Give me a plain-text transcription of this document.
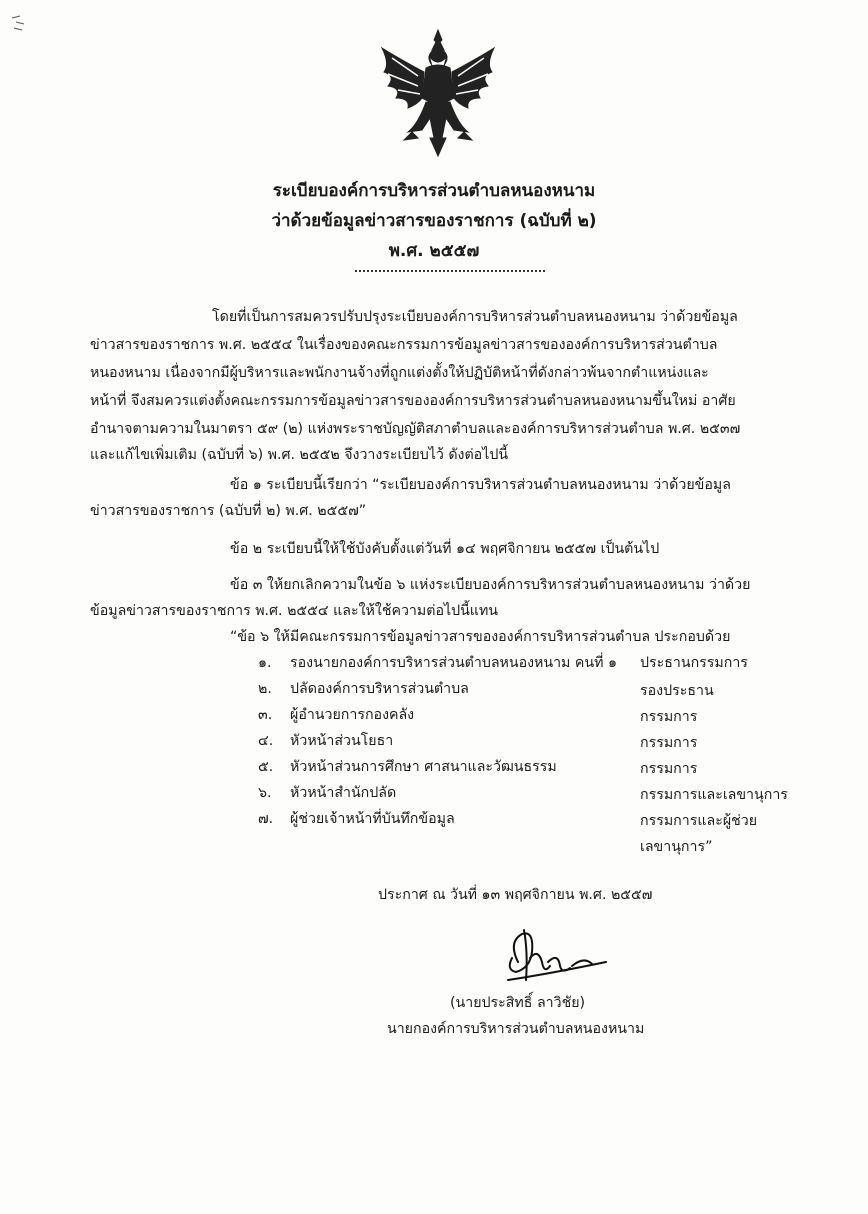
ระเบียบองค์การบริหารส่วนตำบลหนองหนาม
ว่าด้วยข้อมูลข่าวสารของราชการ (ฉบับที่ ๒)
พ.ศ. ๒๕๕๗
โดยที่เป็นการสมควรปรับปรุงระเบียบองค์การบริหารส่วนตำบลหนองหนาม ว่าด้วยข้อมูล
ข่าวสารของราชการ พ.ศ. ๒๕๕๔ ในเรื่องของคณะกรรมการข้อมูลข่าวสารขององค์การบริหารส่วนตำบล
หนองหนาม เนื่องจากมีผู้บริหารและพนักงานจ้างที่ถูกแต่งตั้งให้ปฏิบัติหน้าที่ดังกล่าวพ้นจากตำแหน่งและ
หน้าที่ จึงสมควรแต่งตั้งคณะกรรมการข้อมูลข่าวสารขององค์การบริหารส่วนตำบลหนองหนามขึ้นใหม่ อาศัย
อำนาจตามความในมาตรา ๕๙ (๒) แห่งพระราชบัญญัติสภาตำบลและองค์การบริหารส่วนตำบล พ.ศ. ๒๕๓๗
และแก้ไขเพิ่มเติม (ฉบับที่ ๖) พ.ศ. ๒๕๕๒ จึงวางระเบียบไว้ ดังต่อไปนี้
ข้อ ๑ ระเบียบนี้เรียกว่า “ระเบียบองค์การบริหารส่วนตำบลหนองหนาม ว่าด้วยข้อมูล
ข่าวสารของราชการ (ฉบับที่ ๒) พ.ศ. ๒๕๕๗”
ข้อ ๒ ระเบียบนี้ให้ใช้บังคับตั้งแต่วันที่ ๑๔ พฤศจิกายน ๒๕๕๗ เป็นต้นไป
ข้อ ๓ ให้ยกเลิกความในข้อ ๖ แห่งระเบียบองค์การบริหารส่วนตำบลหนองหนาม ว่าด้วย
ข้อมูลข่าวสารของราชการ พ.ศ. ๒๕๕๔ และให้ใช้ความต่อไปนี้แทน
“ข้อ ๖ ให้มีคณะกรรมการข้อมูลข่าวสารขององค์การบริหารส่วนตำบล ประกอบด้วย
๑. รองนายกองค์การบริหารส่วนตำบลหนองหนาม คนที่ ๑ ประธานกรรมการ
๒. ปลัดองค์การบริหารส่วนตำบล	รองประธาน
๓. ผู้อำนวยการกองคลัง	กรรมการ
๔. หัวหน้าส่วนโยธา	กรรมการ
๕. หัวหน้าส่วนการศึกษา ศาสนาและวัฒนธรรม	กรรมการ
๖. หัวหน้าสำนักปลัด	กรรมการและเลขานุการ
๗. ผู้ช่วยเจ้าหน้าที่บันทึกข้อมูล	กรรมการและผู้ช่วย
เลขานุการ”
ประกาศ ณ วันที่ ๑๓ พฤศจิกายน พ.ศ. ๒๕๕๗
(นายประสิทธิ์ ลาวิชัย)
นายกองค์การบริหารส่วนตำบลหนองหนาม
